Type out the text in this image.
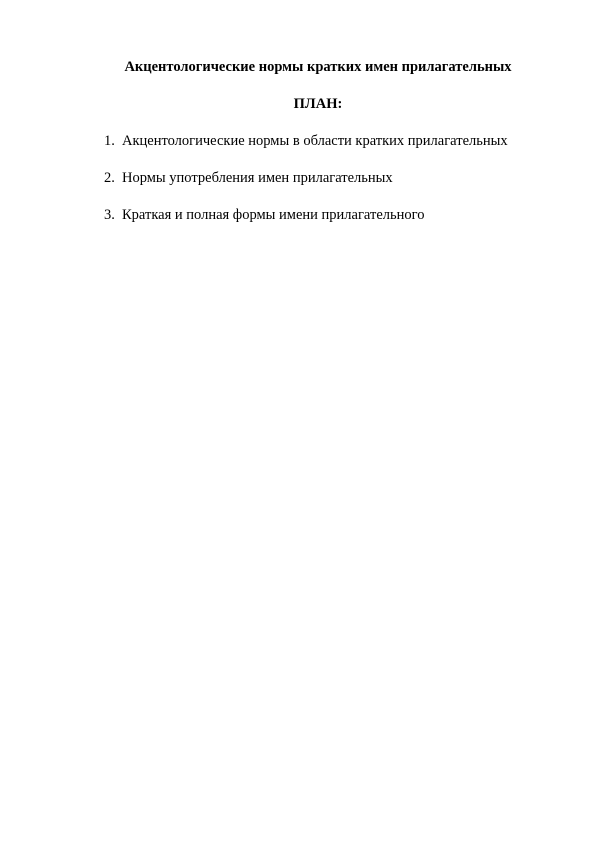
Акцентологические нормы кратких имен прилагательных
ПЛАН:
1. Акцентологические нормы в области кратких прилагательных
2. Нормы употребления имен прилагательных
3. Краткая и полная формы имени прилагательного
